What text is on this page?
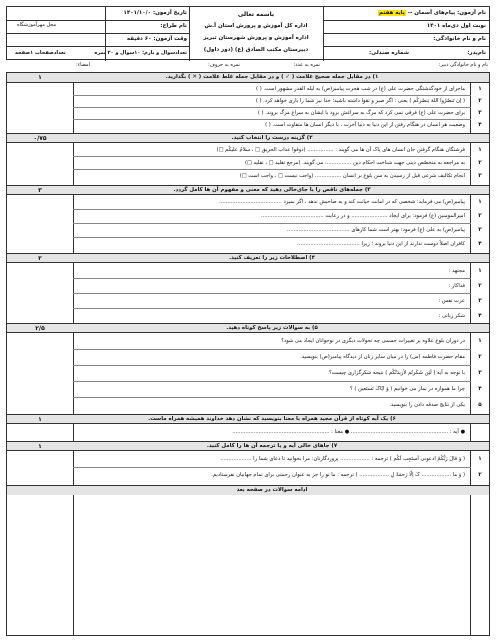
نام آزمون: پیام‌های آسمان -- پایه هفتم
نوبت اول دی‌ماه ۱۴۰۱
نام و نام خانوادگی:
نام‌پدر:
شماره صندلی:
باسمه تعالی
اداره کل آموزش و پرورش استان آ.ش
اداره آموزش و پرورش شهرستان تبریز
دبیرستان مکتب الصادق (ع) (دور داول)
تاریخ آزمون: ۱۴۰۱/۱۰/۰
نام طراح:
وقت آزمون: ۶۰ دقیقه
تعدادسوال و بارم: ۱۰سوال و ۲۰ نمره
محل مهرآموزشگاه
تعدادصفحات ۱صفحه
نام و نام خانوادگی دبیر:
نمره به عدد:
نمره به حروف:
امضاء:
۱) در مقابل جمله صحیح علامت ( ✓ ) و در مقابل جمله غلط علامت ( ✕ ) بگذارید.
۱
۱
ماجرای از خودگذشتگی حضرت علی (ع) در شب هجرت پیامبر(ص) به لیله القدر مشهور است. ( )
۲
( إن تَنصُرُوا اللهَ یَنصُرکُم ) یعنی : اگر صبر و تقوا داشته باشید؛ خدا نیز شما را یاری خواهد کرد. ( )
۳
برای حضرت علی (ع) فرقی نمی کرد که مرگ به سراغش برود یا ایشان به سراغ مرگ بروند. ( )
۴
وضعیت هر انسان در هنگام رفتن از این دنیا به دنیا آخرت ، با دیگر انسان ها متفاوت است. ( )
۲) گزینه درست را انتخاب کنید.
۰/۷۵
۱
فرشتگان هنگام گرفتن جان انسان های پاک آن ها می گویند : ................ (ذوقوا عذاب الحریق □ ، سلامٌ علیکُم □)
۲
به مراجعه به متخصّص دینی جهت شناخت احکام دین ................ می گویند. (مرجع تقلید □ ، تقلید □)
۳
انجام تکالیف شرعی قبل از رسیدن به سن بلوغ بر انسان ................ (واجب نیست □ ، واجب است □)
۳) جمله‌های ناقص را با جای‌خالی دهید که معنی و مفهوم آن ها کامل گردد.
۳
۱
پیامبر(ص) می فرماید: شخصی که در امانت خیانت کند و به صاحبش ندهد ، اگر بمیرد ......................................
۲
امیرالمومنین (ع) فرمود: برای ایجاد ...................... و در رعایت ......................................
۳
پیامبر(ص) به علی (ع) فرمود: بهتر است شما کارهای ......................................
۴
کافران اصلاً دوست ندارند از این دنیا بروند ؛ زیرا ......................................
۴) اصطلاحات زیر را تعریف کنید.
۲
۱
مجتهد :
۲
فداکار :
۳
عزت نفس :
۴
شکر زبانی :
۵) به سوالات زیر پاسخ کوتاه دهید.
۲/۵
۱
در دوران بلوغ علاوه بر تغییرات جسمی چه تحولات دیگری در نوجوانان ایجاد می شود؟
۲
مقام حضرت فاطمه (س) را در میان سایر زنان از دیدگاه پیامبر(ص) بنویسید.
۳
با توجه به آیه ( لَئِن شَکَرتُم لأزیدَنَّکُم ) نتیجه شکرگزاری چیست؟
۴
چرا ما همواره در نماز می خوانیم ( وَ ایّاکَ نَستَعین ) ؟
۵
یکی از نتایج صدقه دادن را بنویسید.
۶) یک آیه کوتاه از قرآن مجید همراه با معنا بنویسید که نشان دهد خداوند همیشه همراه ماست.
۱
● آیه : ........................................................... ● معنا : ...........................................................
۷) جاهای خالی آیه و یا ترجمه آن ها را کامل کنید.
۱
۱
( وَ قالَ رَبُّکُمُ ادعونی اَستَجِب لَکُم ) ترجمه : .................. پروردگارتان: مرا بخوانید تا دعای شما را ...................
۲
( وَ ما .................. کَ اِلّا رَحمَةً لِ .................. ) ترجمه : ما تو را جز به عنوان رحمتی برای تمام جهانیان نفرستادیم.
ادامه سوالات در صفحه بعد
